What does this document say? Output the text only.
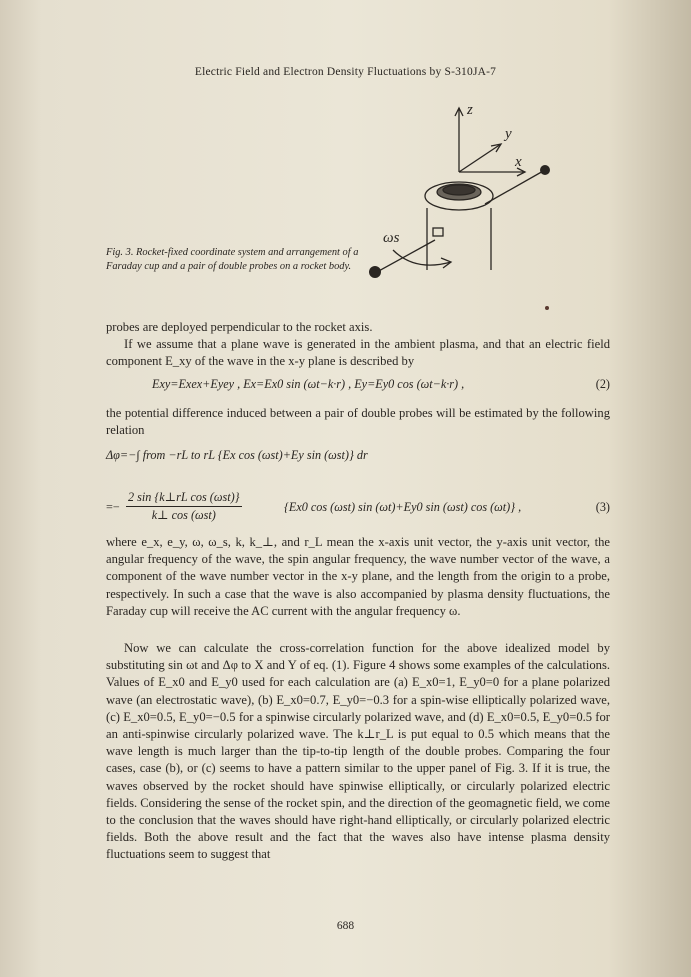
Electric Field and Electron Density Fluctuations by S-310JA-7
z
y
x
ωs
Fig. 3. Rocket-fixed coordinate system and arrangement of a Faraday cup and a pair of double probes on a rocket body.
probes are deployed perpendicular to the rocket axis.
If we assume that a plane wave is generated in the ambient plasma, and that an electric field component E_xy of the wave in the x-y plane is described by
Exy=Exex+Eyey , Ex=Ex0 sin (ωt−k·r) , Ey=Ey0 cos (ωt−k·r) ,	(2)
the potential difference induced between a pair of double probes will be estimated by the following relation
Δφ=−∫ from −rL to rL {Ex cos (ωst)+Ey sin (ωst)} dr
=−
2 sin {k⊥rL cos (ωst)}
k⊥ cos (ωst)
{Ex0 cos (ωst) sin (ωt)+Ey0 sin (ωst) cos (ωt)} ,	(3)
where e_x, e_y, ω, ω_s, k, k_⊥, and r_L mean the x-axis unit vector, the y-axis unit vector, the angular frequency of the wave, the spin angular frequency, the wave number vector of the wave, a component of the wave number vector in the x-y plane, and the length from the origin to a probe, respectively. In such a case that the wave is also accompanied by plasma density fluctuations, the Faraday cup will receive the AC current with the angular frequency ω.
Now we can calculate the cross-correlation function for the above idealized model by substituting sin ωt and Δφ to X and Y of eq. (1). Figure 4 shows some examples of the calculations. Values of E_x0 and E_y0 used for each calculation are (a) E_x0=1, E_y0=0 for a plane polarized wave (an electrostatic wave), (b) E_x0=0.7, E_y0=−0.3 for a spin-wise elliptically polarized wave, (c) E_x0=0.5, E_y0=−0.5 for a spinwise circularly polarized wave, and (d) E_x0=0.5, E_y0=0.5 for an anti-spinwise circularly polarized wave. The k⊥r_L is put equal to 0.5 which means that the wave length is much larger than the tip-to-tip length of the double probes. Comparing the four cases, case (b), or (c) seems to have a pattern similar to the upper panel of Fig. 3. If it is true, the waves observed by the rocket should have spinwise elliptically, or circularly polarized electric fields. Considering the sense of the rocket spin, and the direction of the geomagnetic field, we come to the conclusion that the waves should have right-hand elliptically, or circularly polarized electric fields. Both the above result and the fact that the waves also have intense plasma density fluctuations seem to suggest that
688
